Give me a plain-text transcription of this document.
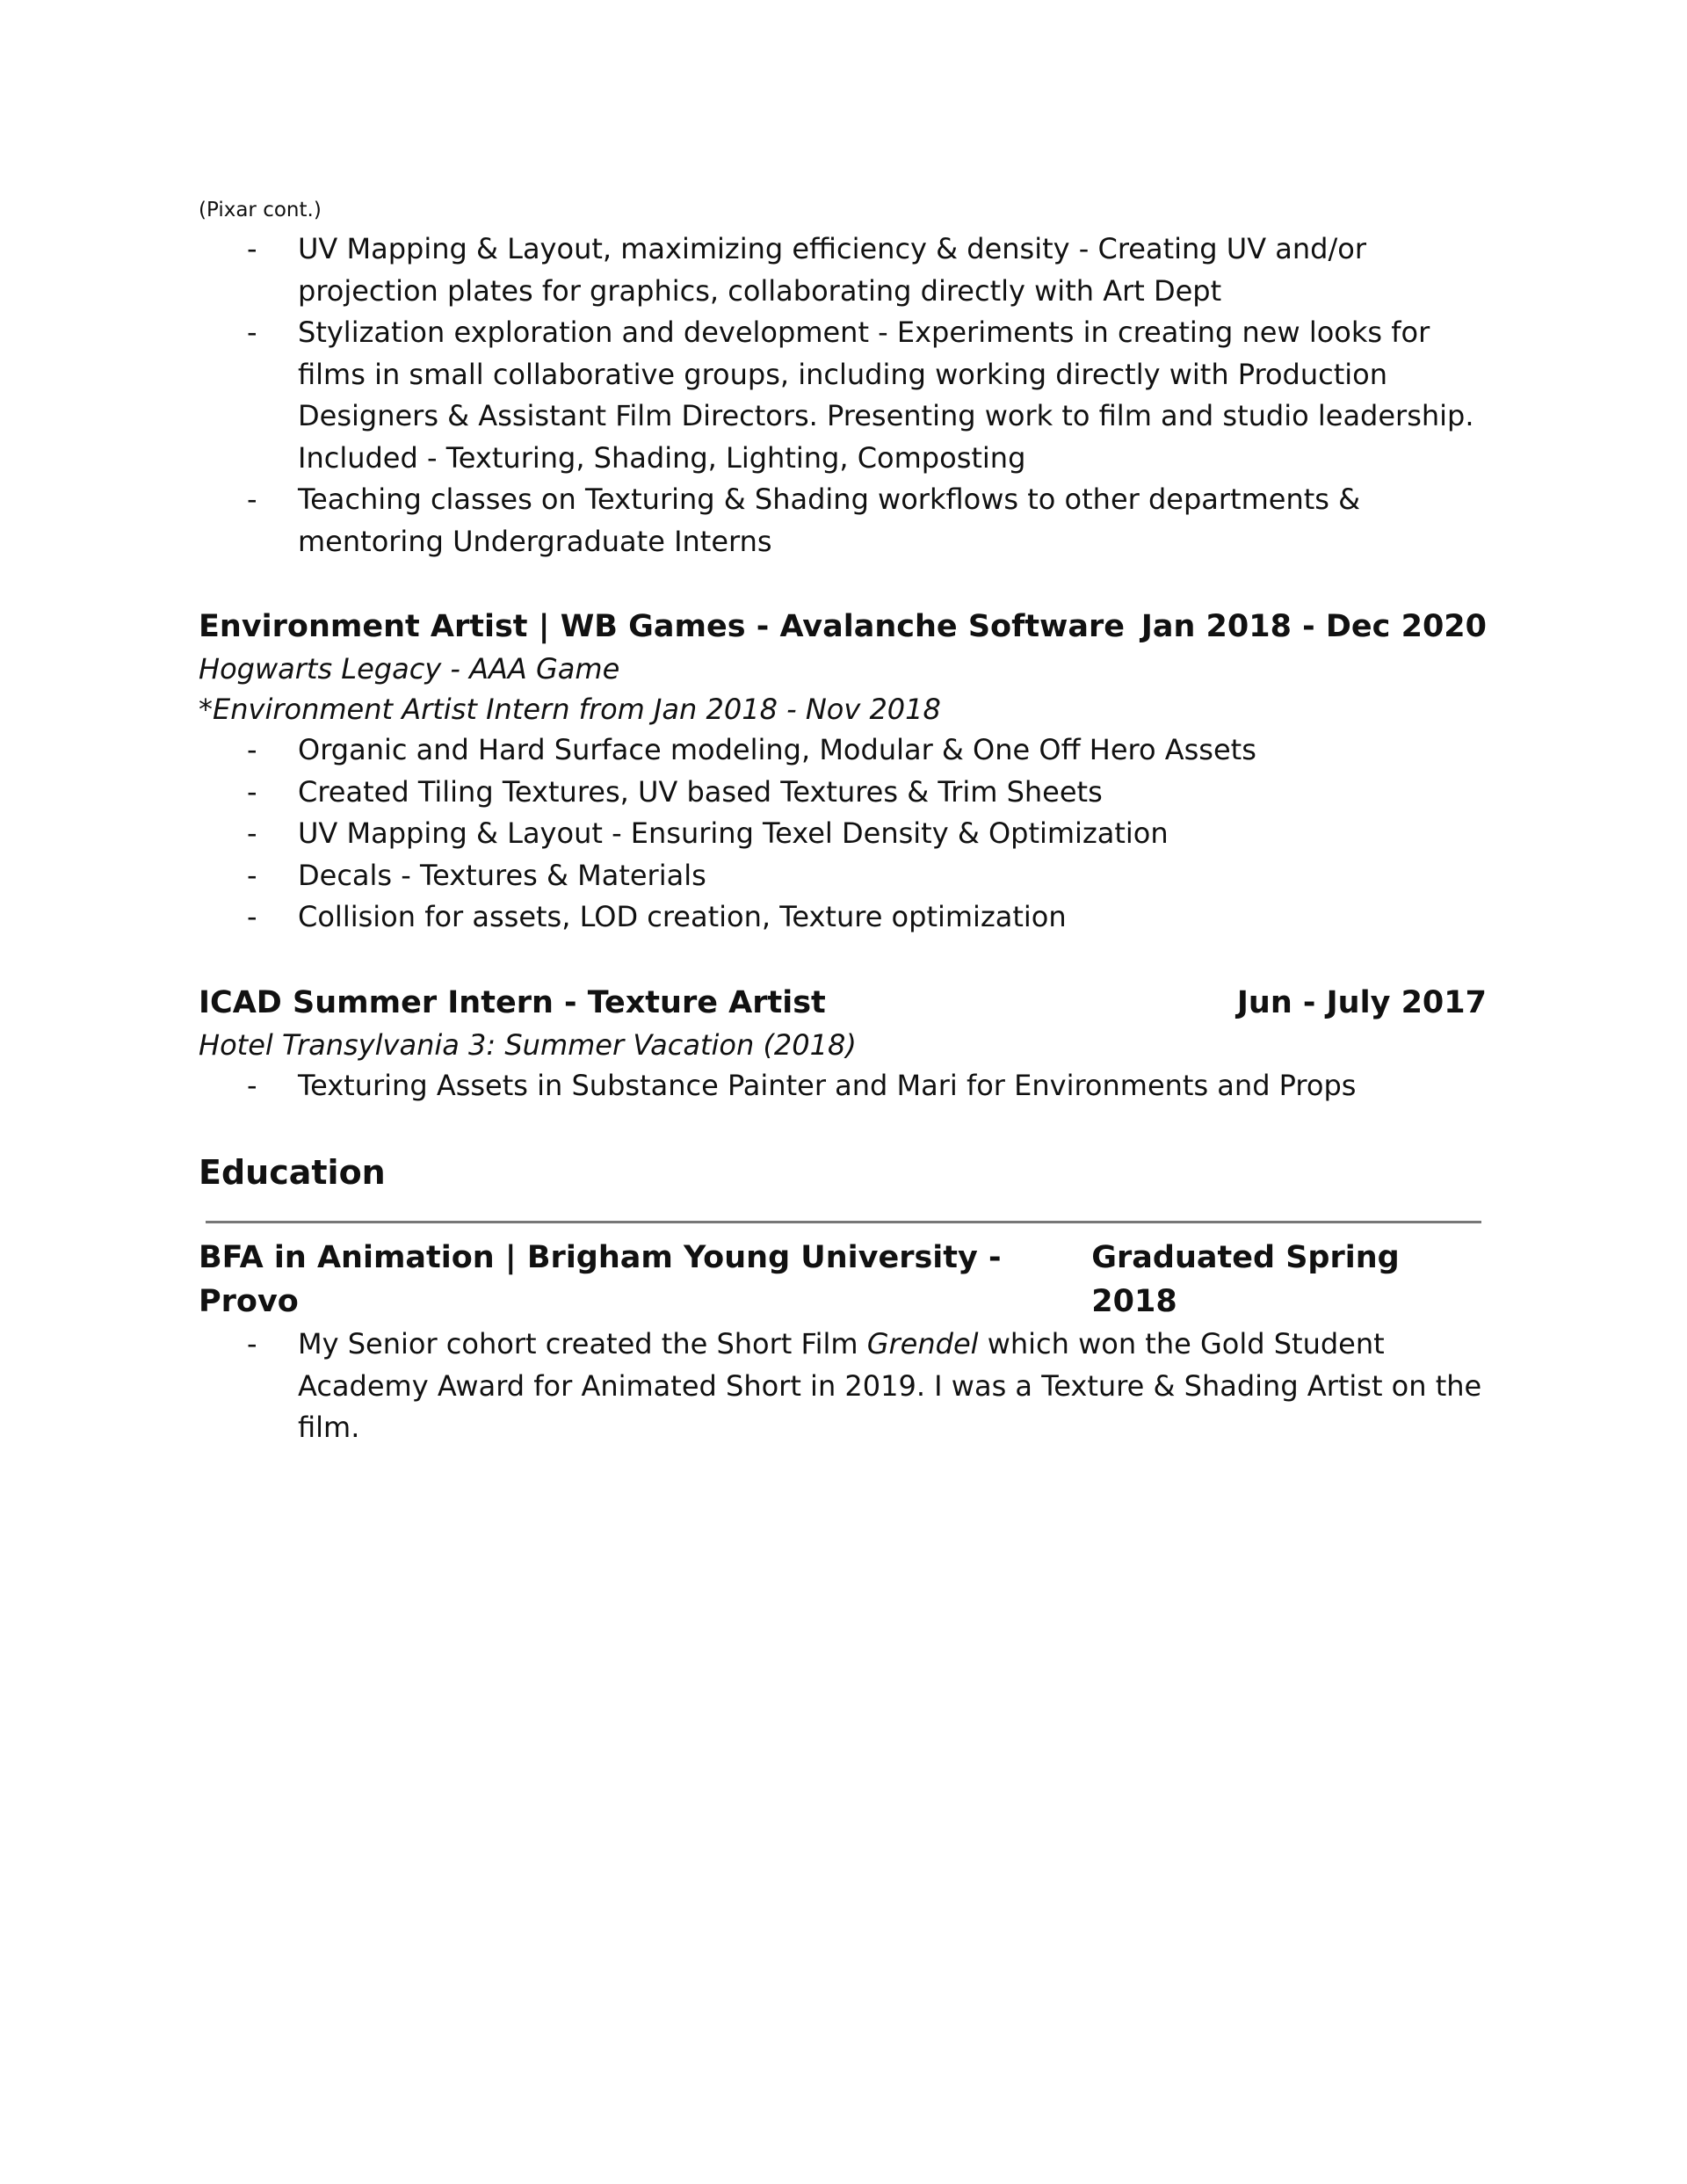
(Pixar cont.)
- UV Mapping & Layout, maximizing efficiency & density - Creating UV and/or projection plates for graphics, collaborating directly with Art Dept
- Stylization exploration and development - Experiments in creating new looks for films in small collaborative groups, including working directly with Production Designers & Assistant Film Directors. Presenting work to film and studio leadership. Included - Texturing, Shading, Lighting, Composting
- Teaching classes on Texturing & Shading workflows to other departments & mentoring Undergraduate Interns
Environment Artist | WB Games - Avalanche Software Jan 2018 - Dec 2020
Hogwarts Legacy - AAA Game
*Environment Artist Intern from Jan 2018 - Nov 2018
- Organic and Hard Surface modeling, Modular & One Off Hero Assets
- Created Tiling Textures, UV based Textures & Trim Sheets
- UV Mapping & Layout - Ensuring Texel Density & Optimization
- Decals - Textures & Materials
- Collision for assets, LOD creation, Texture optimization
ICAD Summer Intern - Texture Artist	Jun - July 2017
Hotel Transylvania 3: Summer Vacation (2018)
- Texturing Assets in Substance Painter and Mari for Environments and Props
Education
BFA in Animation | Brigham Young University - Provo
Graduated Spring 2018
- My Senior cohort created the Short Film Grendel which won the Gold Student Academy Award for Animated Short in 2019. I was a Texture & Shading Artist on the film.
